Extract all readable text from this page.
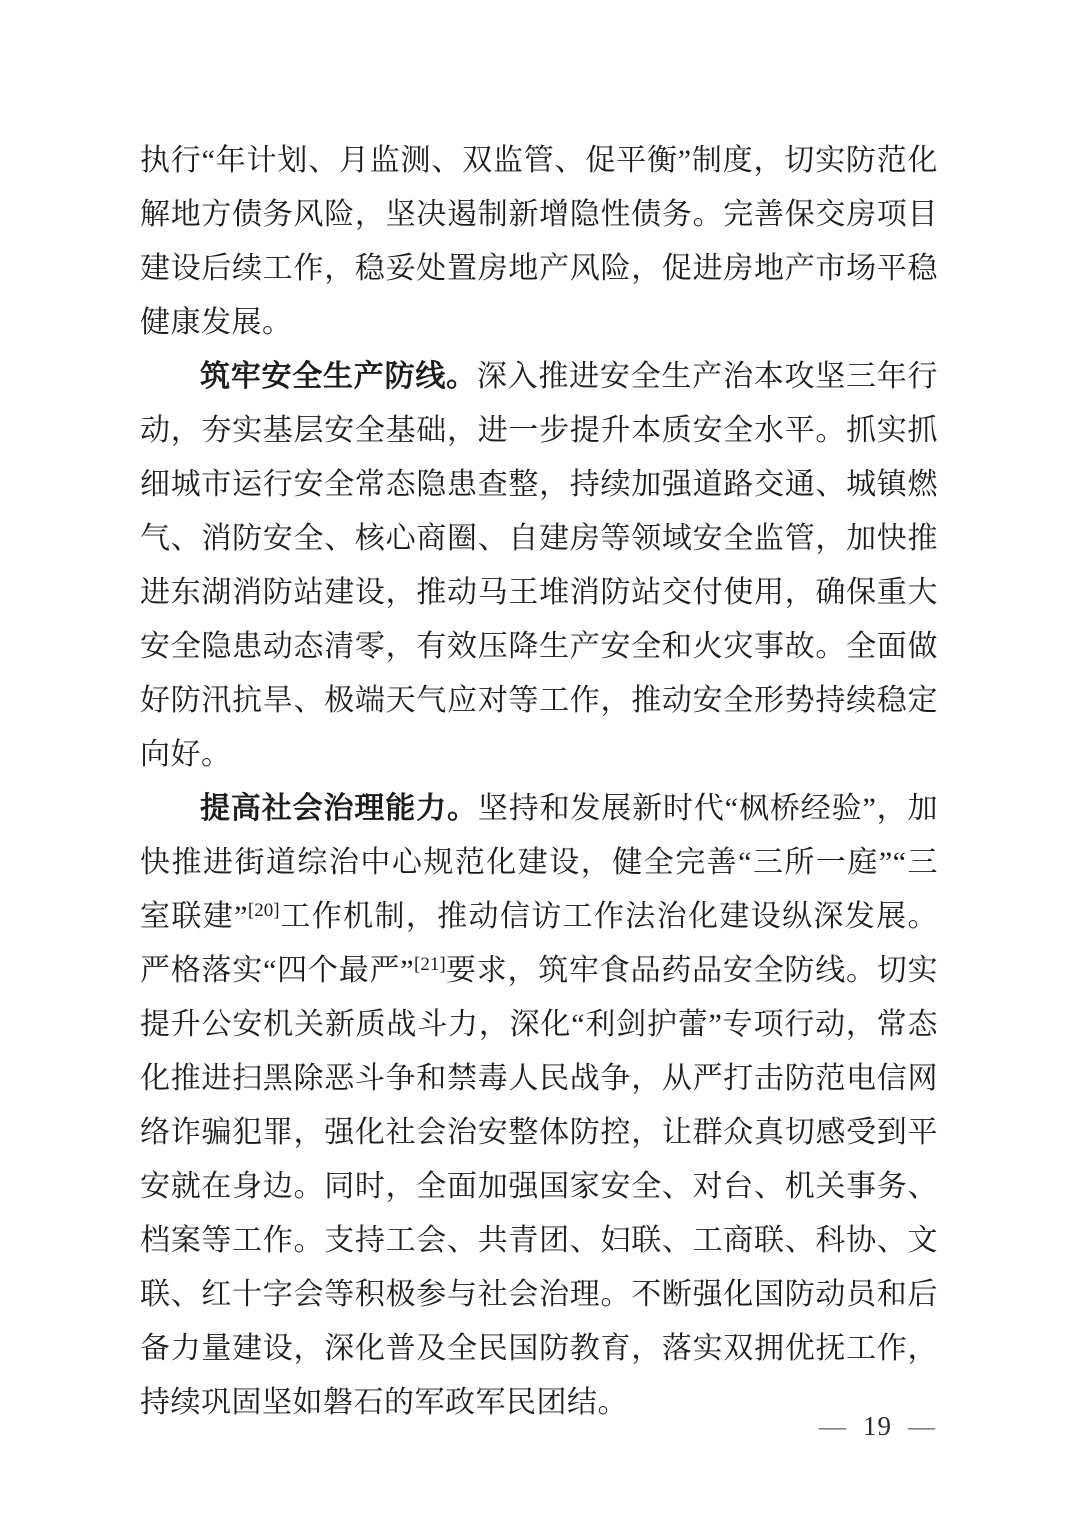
执行“年计划、月监测、双监管、促平衡”制度，切实防范化解地方债务风险，坚决遏制新增隐性债务。完善保交房项目建设后续工作，稳妥处置房地产风险，促进房地产市场平稳健康发展。

筑牢安全生产防线。深入推进安全生产治本攻坚三年行动，夯实基层安全基础，进一步提升本质安全水平。抓实抓细城市运行安全常态隐患查整，持续加强道路交通、城镇燃气、消防安全、核心商圈、自建房等领域安全监管，加快推进东湖消防站建设，推动马王堆消防站交付使用，确保重大安全隐患动态清零，有效压降生产安全和火灾事故。全面做好防汛抗旱、极端天气应对等工作，推动安全形势持续稳定向好。

提高社会治理能力。坚持和发展新时代“枫桥经验”，加快推进街道综治中心规范化建设，健全完善“三所一庭”“三室联建”[20]工作机制，推动信访工作法治化建设纵深发展。严格落实“四个最严”[21]要求，筑牢食品药品安全防线。切实提升公安机关新质战斗力，深化“利剑护蕾”专项行动，常态化推进扫黑除恶斗争和禁毒人民战争，从严打击防范电信网络诈骗犯罪，强化社会治安整体防控，让群众真切感受到平安就在身边。同时，全面加强国家安全、对台、机关事务、档案等工作。支持工会、共青团、妇联、工商联、科协、文联、红十字会等积极参与社会治理。不断强化国防动员和后备力量建设，深化普及全民国防教育，落实双拥优抚工作，持续巩固坚如磐石的军政军民团结。

— 19 —
